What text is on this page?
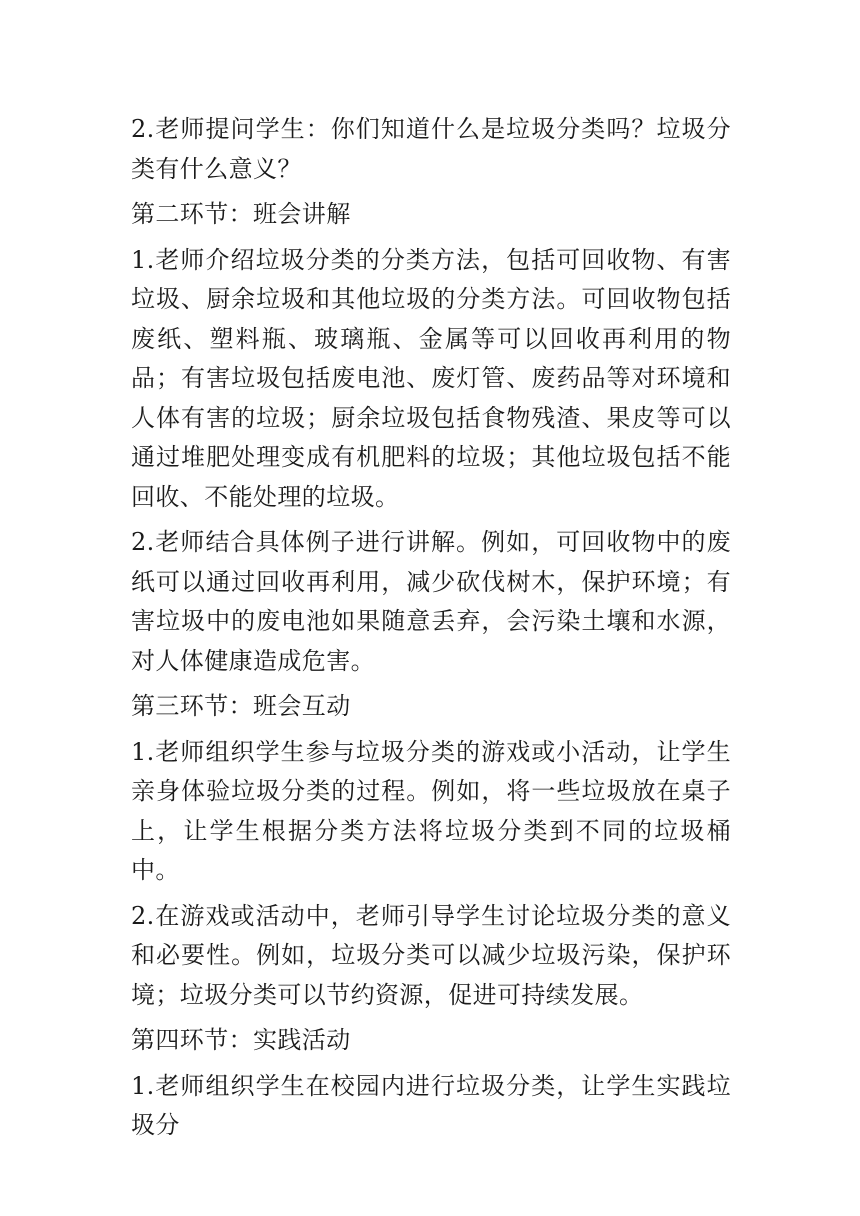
2.老师提问学生：你们知道什么是垃圾分类吗？垃圾分类有什么意义？

第二环节：班会讲解

1.老师介绍垃圾分类的分类方法，包括可回收物、有害垃圾、厨余垃圾和其他垃圾的分类方法。可回收物包括废纸、塑料瓶、玻璃瓶、金属等可以回收再利用的物品；有害垃圾包括废电池、废灯管、废药品等对环境和人体有害的垃圾；厨余垃圾包括食物残渣、果皮等可以通过堆肥处理变成有机肥料的垃圾；其他垃圾包括不能回收、不能处理的垃圾。

2.老师结合具体例子进行讲解。例如，可回收物中的废纸可以通过回收再利用，减少砍伐树木，保护环境；有害垃圾中的废电池如果随意丢弃，会污染土壤和水源，对人体健康造成危害。

第三环节：班会互动

1.老师组织学生参与垃圾分类的游戏或小活动，让学生亲身体验垃圾分类的过程。例如，将一些垃圾放在桌子上，让学生根据分类方法将垃圾分类到不同的垃圾桶中。

2.在游戏或活动中，老师引导学生讨论垃圾分类的意义和必要性。例如，垃圾分类可以减少垃圾污染，保护环境；垃圾分类可以节约资源，促进可持续发展。

第四环节：实践活动

1.老师组织学生在校园内进行垃圾分类，让学生实践垃圾分
